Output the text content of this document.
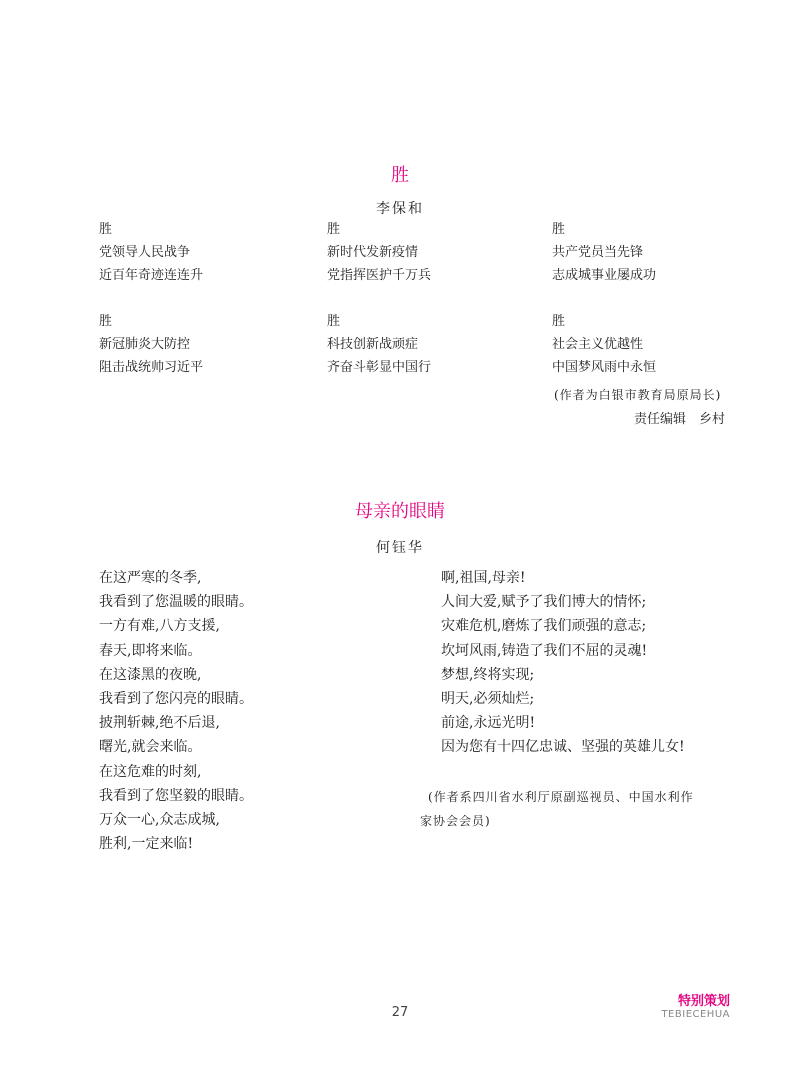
胜
李保和
胜
党领导人民战争
近百年奇迹连连升
胜
新冠肺炎大防控
阻击战统帅习近平
胜
新时代发新疫情
党指挥医护千万兵
胜
科技创新战顽症
齐奋斗彰显中国行
胜
共产党员当先锋
志成城事业屡成功
胜
社会主义优越性
中国梦风雨中永恒
(作者为白银市教育局原局长)
责任编辑　乡村
母亲的眼睛
何钰华
在这严寒的冬季,
我看到了您温暖的眼睛。
一方有难,八方支援,
春天,即将来临。
在这漆黑的夜晚,
我看到了您闪亮的眼睛。
披荆斩棘,绝不后退,
曙光,就会来临。
在这危难的时刻,
我看到了您坚毅的眼睛。
万众一心,众志成城,
胜利,一定来临!
啊,祖国,母亲!
人间大爱,赋予了我们博大的情怀;
灾难危机,磨炼了我们顽强的意志;
坎坷风雨,铸造了我们不屈的灵魂!
梦想,终将实现;
明天,必须灿烂;
前途,永远光明!
因为您有十四亿忠诚、坚强的英雄儿女!
(作者系四川省水利厅原副巡视员、中国水利作
家协会会员)
27
特别策划
TEBIECEHUA
